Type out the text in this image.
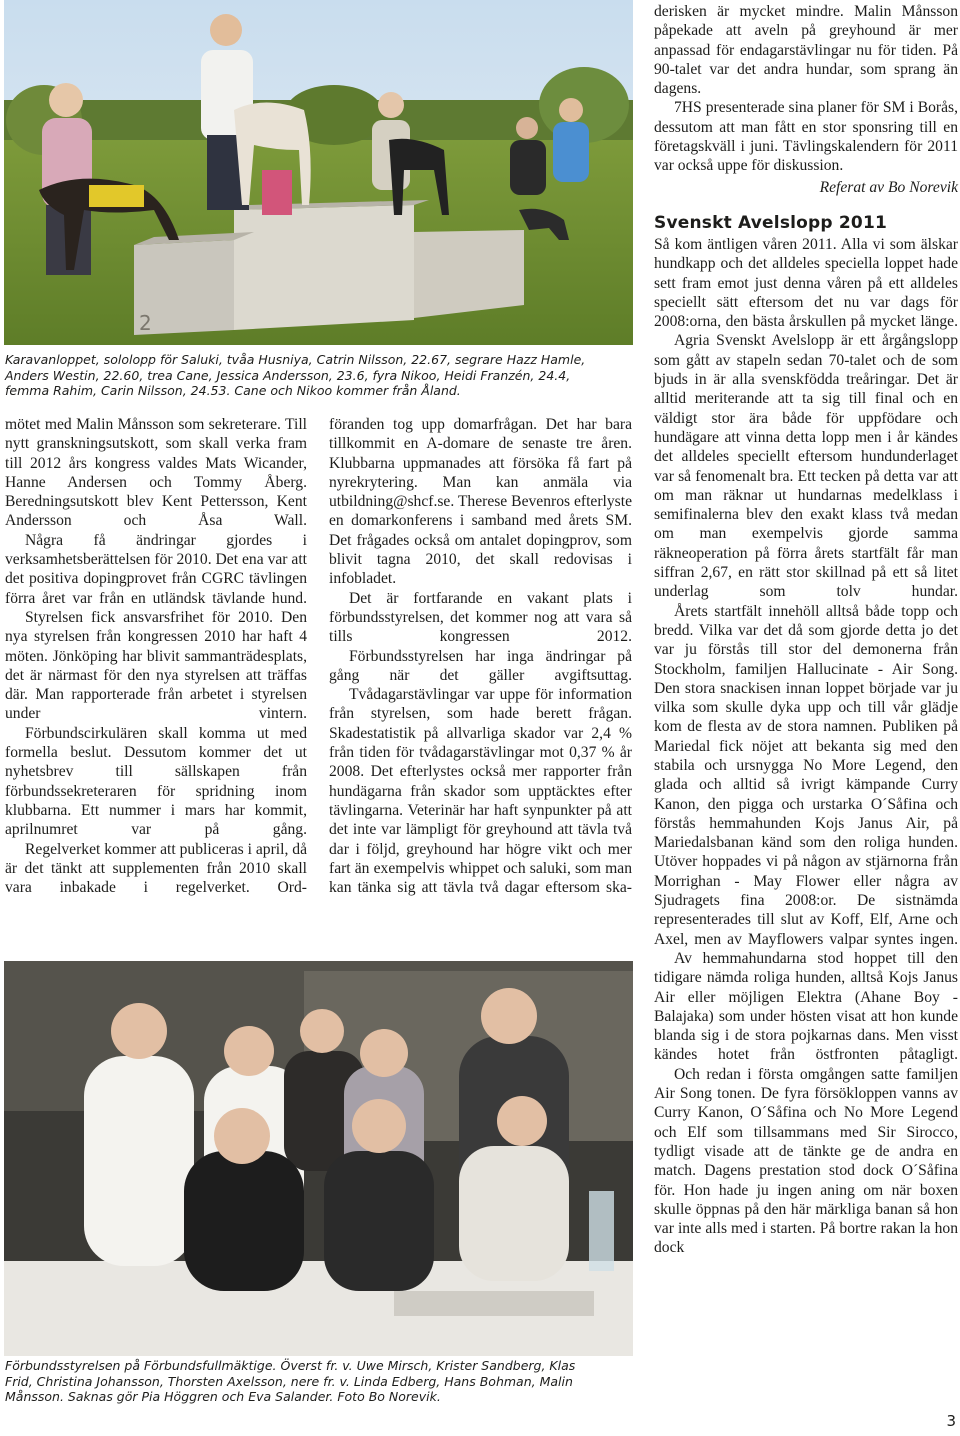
2
Karavanloppet, sololopp för Saluki, tvåa Husniya, Catrin Nilsson, 22.67, segrare Hazz Hamle,
Anders Westin, 22.60, trea Cane, Jessica Andersson, 23.6, fyra Nikoo, Heidi Franzén, 24.4,
femma Rahim, Carin Nilsson, 24.53. Cane och Nikoo kommer från Åland.

mötet med Malin Månsson som sekreterare. Till nytt granskningsutskott, som skall verka fram till 2012 års kongress valdes Mats Wicander, Hanne Andersen och Tommy Åberg. Beredningsutskott blev Kent Pettersson, Kent Andersson och Åsa Wall.

Några få ändringar gjordes i verksamhetsberättelsen för 2010. Det ena var att det positiva dopingprovet från CGRC tävlingen förra året var från en utländsk tävlande hund.

Styrelsen fick ansvarsfrihet för 2010. Den nya styrelsen från kongressen 2010 har haft 4 möten. Jönköping har blivit sammanträdesplats, det är närmast för den nya styrelsen att träffas där. Man rapporterade från arbetet i styrelsen under vintern.

Förbundscirkulären skall komma ut med formella beslut. Dessutom kommer det ut nyhetsbrev till sällskapen från förbundssekreteraren för spridning inom klubbarna. Ett nummer i mars har kommit, aprilnumret var på gång.

Regelverket kommer att publiceras i april, då är det tänkt att supplementen från 2010 skall vara inbakade i regelverket. Ord-

föranden tog upp domarfrågan. Det har bara tillkommit en A-domare de senaste tre åren. Klubbarna uppmanades att försöka få fart på nyrekrytering. Man kan anmäla via utbildning@shcf.se. Therese Bevenros efterlyste en domarkonferens i samband med årets SM. Det frågades också om antalet dopingprov, som blivit tagna 2010, det skall redovisas i infobladet.

Det är fortfarande en vakant plats i förbundsstyrelsen, det kommer nog att vara så tills kongressen 2012.

Förbundsstyrelsen har inga ändringar på gång när det gäller avgiftsuttag.

Tvådagarstävlingar var uppe för information från styrelsen, som hade berett frågan. Skadestatistik på allvarliga skador var 2,4 % från tiden för tvådagarstävlingar mot 0,37 % år 2008. Det efterlystes också mer rapporter från hundägarna från skador som upptäcktes efter tävlingarna. Veterinär har haft synpunkter på att det inte var lämpligt för greyhound att tävla två dar i följd, greyhound har högre vikt och mer fart än exempelvis whippet och saluki, som man kan tänka sig att tävla två dagar eftersom ska-

derisken är mycket mindre. Malin Månsson påpekade att aveln på greyhound är mer anpassad för endagarstävlingar nu för tiden. På 90-talet var det andra hundar, som sprang än dagens.

7HS presenterade sina planer för SM i Borås, dessutom att man fått en stor sponsring till en företagskväll i juni. Tävlingskalendern för 2011 var också uppe för diskussion.

Referat av Bo Norevik
Svenskt Avelslopp 2011

Så kom äntligen våren 2011. Alla vi som älskar hundkapp och det alldeles speciella loppet hade sett fram emot just denna våren på ett alldeles speciellt sätt eftersom det nu var dags för 2008:orna, den bästa årskullen på mycket länge.

Agria Svenskt Avelslopp är ett årgångslopp som gått av stapeln sedan 70-talet och de som bjuds in är alla svenskfödda treåringar. Det är alltid meriterande att ta sig till final och en väldigt stor ära både för uppfödare och hundägare att vinna detta lopp men i år kändes det alldeles speciellt eftersom hundunderlaget var så fenomenalt bra. Ett tecken på detta var att om man räknar ut hundarnas medelklass i semifinalerna blev den exakt klass två medan om man exempelvis gjorde samma räkneoperation på förra årets startfält får man siffran 2,67, en rätt stor skillnad på ett så litet underlag som tolv hundar.

Årets startfält innehöll alltså både topp och bredd. Vilka var det då som gjorde detta jo det var ju förstås till stor del demonerna från Stockholm, familjen Hallucinate - Air Song. Den stora snackisen innan loppet började var ju vilka som skulle dyka upp och till vår glädje kom de flesta av de stora namnen. Publiken på Mariedal fick nöjet att bekanta sig med den stabila och ursnygga No More Legend, den glada och alltid så ivrigt kämpande Curry Kanon, den pigga och urstarka O´Såfina och förstås hemmahunden Kojs Janus Air, på Mariedalsbanan känd som den roliga hunden. Utöver hoppades vi på någon av stjärnorna från Morrighan - May Flower eller några av Sjudragets fina 2008:or. De sistnämda representerades till slut av Koff, Elf, Arne och Axel, men av Mayflowers valpar syntes ingen.

Av hemmahundarna stod hoppet till den tidigare nämda roliga hunden, alltså Kojs Janus Air eller möjligen Elektra (Ahane Boy - Balajaka) som under hösten visat att hon kunde blanda sig i de stora pojkarnas dans. Men visst kändes hotet från östfronten påtagligt.

Och redan i första omgången satte familjen Air Song tonen. De fyra försökloppen vanns av Curry Kanon, O´Såfina och No More Legend och Elf som tillsammans med Sir Sirocco, tydligt visade att de tänkte ge de andra en match. Dagens prestation stod dock O´Såfina för. Hon hade ju ingen aning om när boxen skulle öppnas på den här märkliga banan så hon var inte alls med i starten. På bortre rakan la hon dock

Förbundsstyrelsen på Förbundsfullmäktige. Överst fr. v. Uwe Mirsch, Krister Sandberg, Klas
Frid, Christina Johansson, Thorsten Axelsson, nere fr. v. Linda Edberg, Hans Bohman, Malin
Månsson. Saknas gör Pia Höggren och Eva Salander. Foto Bo Norevik.
3
